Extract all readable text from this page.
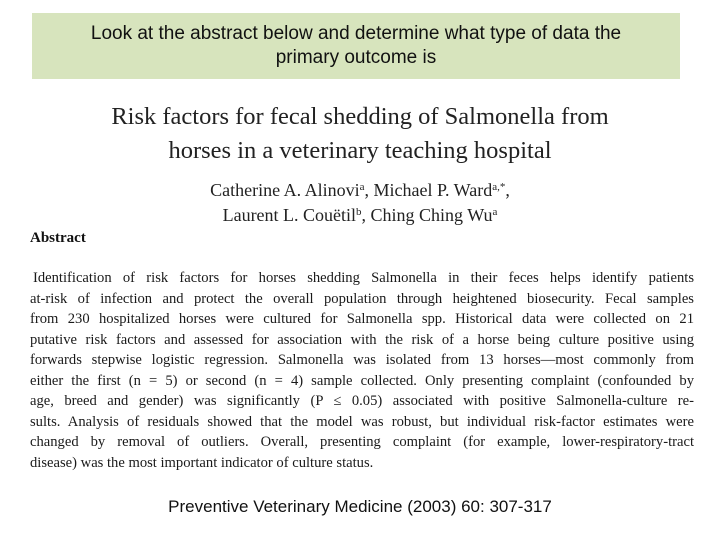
Look at the abstract below and determine what type of data the
primary outcome is
Risk factors for fecal shedding of Salmonella from
horses in a veterinary teaching hospital
Catherine A. Alinovi$^a$, Michael P. Ward$^{a,*}$,
Laurent L. Couëtil$^b$, Ching Ching Wu$^a$
Abstract
Identification of risk factors for horses shedding Salmonella in their feces helps identify patients
at-risk of infection and protect the overall population through heightened biosecurity. Fecal samples
from 230 hospitalized horses were cultured for Salmonella spp. Historical data were collected on 21
putative risk factors and assessed for association with the risk of a horse being culture positive using
forwards stepwise logistic regression. Salmonella was isolated from 13 horses—most commonly from
either the first (n = 5) or second (n = 4) sample collected. Only presenting complaint (confounded by
age, breed and gender) was significantly (P ≤ 0.05) associated with positive Salmonella-culture re-
sults. Analysis of residuals showed that the model was robust, but individual risk-factor estimates were
changed by removal of outliers. Overall, presenting complaint (for example, lower-respiratory-tract
disease) was the most important indicator of culture status.
Preventive Veterinary Medicine (2003) 60: 307-317
